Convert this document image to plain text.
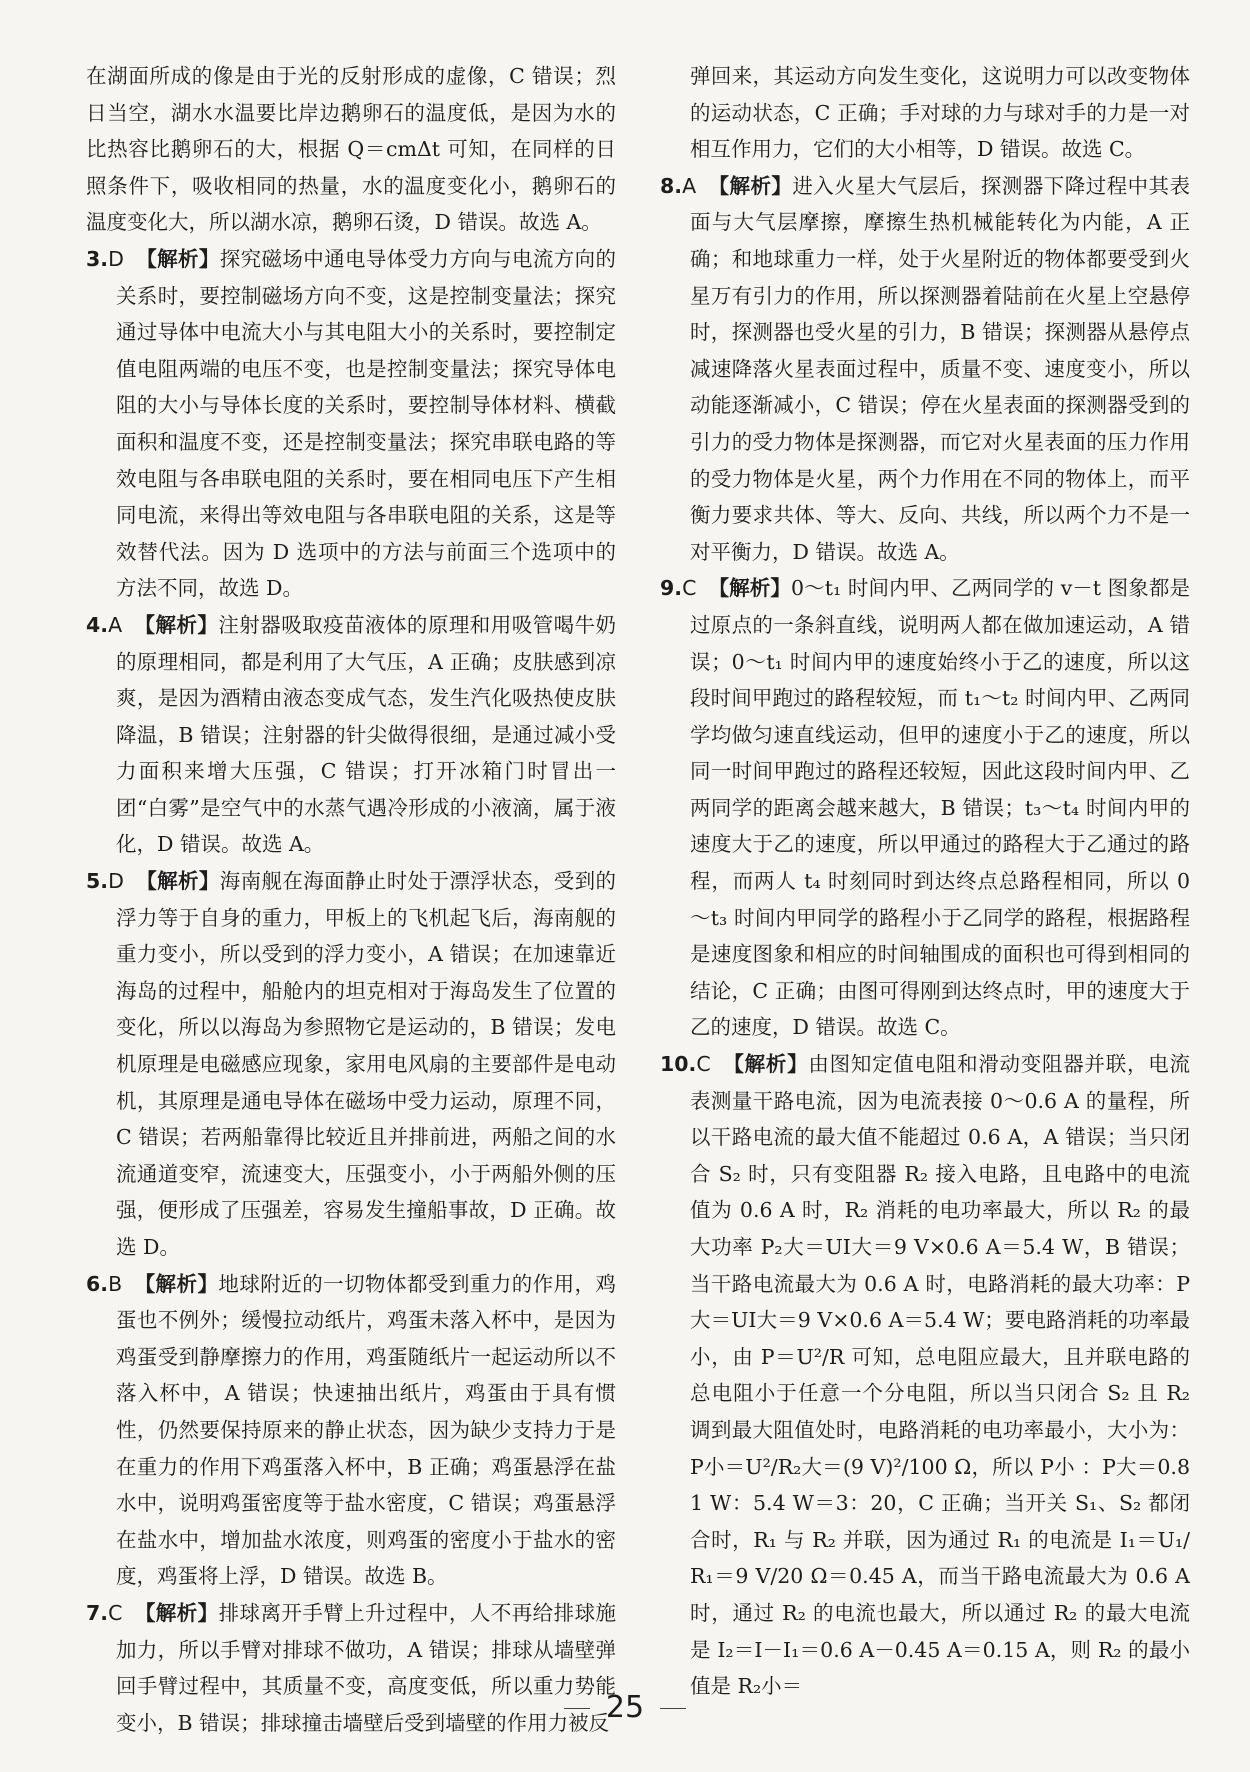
在湖面所成的像是由于光的反射形成的虚像，C 错误；烈日当空，湖水水温要比岸边鹅卵石的温度低，是因为水的比热容比鹅卵石的大，根据 Q＝cmΔt 可知，在同样的日照条件下，吸收相同的热量，水的温度变化小，鹅卵石的温度变化大，所以湖水凉，鹅卵石烫，D 错误。故选 A。

3.D 【解析】探究磁场中通电导体受力方向与电流方向的关系时，要控制磁场方向不变，这是控制变量法；探究通过导体中电流大小与其电阻大小的关系时，要控制定值电阻两端的电压不变，也是控制变量法；探究导体电阻的大小与导体长度的关系时，要控制导体材料、横截面积和温度不变，还是控制变量法；探究串联电路的等效电阻与各串联电阻的关系时，要在相同电压下产生相同电流，来得出等效电阻与各串联电阻的关系，这是等效替代法。因为 D 选项中的方法与前面三个选项中的方法不同，故选 D。

4.A 【解析】注射器吸取疫苗液体的原理和用吸管喝牛奶的原理相同，都是利用了大气压，A 正确；皮肤感到凉爽，是因为酒精由液态变成气态，发生汽化吸热使皮肤降温，B 错误；注射器的针尖做得很细，是通过减小受力面积来增大压强，C 错误；打开冰箱门时冒出一团“白雾”是空气中的水蒸气遇冷形成的小液滴，属于液化，D 错误。故选 A。

5.D 【解析】海南舰在海面静止时处于漂浮状态，受到的浮力等于自身的重力，甲板上的飞机起飞后，海南舰的重力变小，所以受到的浮力变小，A 错误；在加速靠近海岛的过程中，船舱内的坦克相对于海岛发生了位置的变化，所以以海岛为参照物它是运动的，B 错误；发电机原理是电磁感应现象，家用电风扇的主要部件是电动机，其原理是通电导体在磁场中受力运动，原理不同，C 错误；若两船靠得比较近且并排前进，两船之间的水流通道变窄，流速变大，压强变小，小于两船外侧的压强，便形成了压强差，容易发生撞船事故，D 正确。故选 D。

6.B 【解析】地球附近的一切物体都受到重力的作用，鸡蛋也不例外；缓慢拉动纸片，鸡蛋未落入杯中，是因为鸡蛋受到静摩擦力的作用，鸡蛋随纸片一起运动所以不落入杯中，A 错误；快速抽出纸片，鸡蛋由于具有惯性，仍然要保持原来的静止状态，因为缺少支持力于是在重力的作用下鸡蛋落入杯中，B 正确；鸡蛋悬浮在盐水中，说明鸡蛋密度等于盐水密度，C 错误；鸡蛋悬浮在盐水中，增加盐水浓度，则鸡蛋的密度小于盐水的密度，鸡蛋将上浮，D 错误。故选 B。

7.C 【解析】排球离开手臂上升过程中，人不再给排球施加力，所以手臂对排球不做功，A 错误；排球从墙壁弹回手臂过程中，其质量不变，高度变低，所以重力势能变小，B 错误；排球撞击墙壁后受到墙壁的作用力被反

弹回来，其运动方向发生变化，这说明力可以改变物体的运动状态，C 正确；手对球的力与球对手的力是一对相互作用力，它们的大小相等，D 错误。故选 C。

8.A 【解析】进入火星大气层后，探测器下降过程中其表面与大气层摩擦，摩擦生热机械能转化为内能，A 正确；和地球重力一样，处于火星附近的物体都要受到火星万有引力的作用，所以探测器着陆前在火星上空悬停时，探测器也受火星的引力，B 错误；探测器从悬停点减速降落火星表面过程中，质量不变、速度变小，所以动能逐渐减小，C 错误；停在火星表面的探测器受到的引力的受力物体是探测器，而它对火星表面的压力作用的受力物体是火星，两个力作用在不同的物体上，而平衡力要求共体、等大、反向、共线，所以两个力不是一对平衡力，D 错误。故选 A。

9.C 【解析】0～t₁ 时间内甲、乙两同学的 v－t 图象都是过原点的一条斜直线，说明两人都在做加速运动，A 错误；0～t₁ 时间内甲的速度始终小于乙的速度，所以这段时间甲跑过的路程较短，而 t₁～t₂ 时间内甲、乙两同学均做匀速直线运动，但甲的速度小于乙的速度，所以同一时间甲跑过的路程还较短，因此这段时间内甲、乙两同学的距离会越来越大，B 错误；t₃～t₄ 时间内甲的速度大于乙的速度，所以甲通过的路程大于乙通过的路程，而两人 t₄ 时刻同时到达终点总路程相同，所以 0～t₃ 时间内甲同学的路程小于乙同学的路程，根据路程是速度图象和相应的时间轴围成的面积也可得到相同的结论，C 正确；由图可得刚到达终点时，甲的速度大于乙的速度，D 错误。故选 C。

10.C 【解析】由图知定值电阻和滑动变阻器并联，电流表测量干路电流，因为电流表接 0～0.6 A 的量程，所以干路电流的最大值不能超过 0.6 A，A 错误；当只闭合 S₂ 时，只有变阻器 R₂ 接入电路，且电路中的电流值为 0.6 A 时，R₂ 消耗的电功率最大，所以 R₂ 的最大功率 P₂大＝UI大＝9 V×0.6 A＝5.4 W，B 错误；当干路电流最大为 0.6 A 时，电路消耗的最大功率：P大＝UI大＝9 V×0.6 A＝5.4 W；要电路消耗的功率最小，由 P＝U²/R 可知，总电阻应最大，且并联电路的总电阻小于任意一个分电阻，所以当只闭合 S₂ 且 R₂ 调到最大阻值处时，电路消耗的电功率最小，大小为：P小＝U²/R₂大＝(9 V)²/100 Ω，所以 P小 ：P大＝0.81 W：5.4 W＝3：20，C 正确；当开关 S₁、S₂ 都闭合时，R₁ 与 R₂ 并联，因为通过 R₁ 的电流是 I₁＝U₁/R₁＝9 V/20 Ω＝0.45 A，而当干路电流最大为 0.6 A 时，通过 R₂ 的电流也最大，所以通过 R₂ 的最大电流是 I₂＝I－I₁＝0.6 A－0.45 A＝0.15 A，则 R₂ 的最小值是 R₂小＝

25
